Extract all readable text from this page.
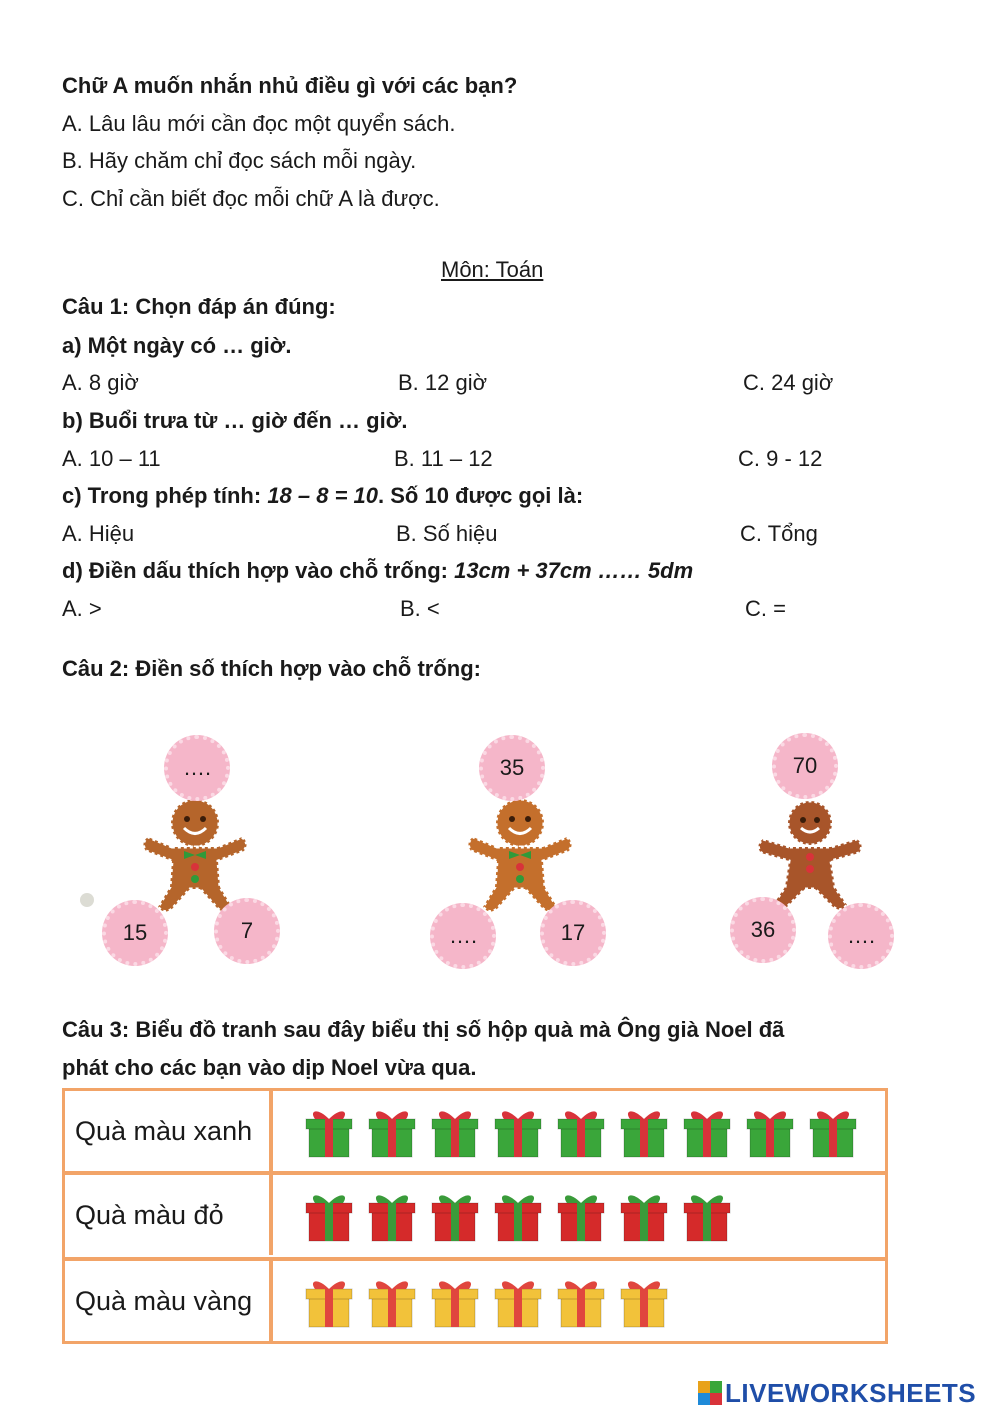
Chữ A muốn nhắn nhủ điều gì với các bạn?
A. Lâu lâu mới cần đọc một quyển sách.
B. Hãy chăm chỉ đọc sách mỗi ngày.
C. Chỉ cần biết đọc mỗi chữ A là được.
Môn: Toán
Câu 1: Chọn đáp án đúng:
a) Một ngày có … giờ.
A. 8 giờ	B. 12 giờ	C. 24 giờ
b) Buổi trưa từ … giờ đến … giờ.
A. 10 – 11	B. 11 – 12	C. 9 - 12
c) Trong phép tính: 18 – 8 = 10. Số 10 được gọi là:
A. Hiệu	B. Số hiệu	C. Tổng
d) Điền dấu thích hợp vào chỗ trống: 13cm + 37cm …… 5dm
A. >	B. <	C. =
Câu 2: Điền số thích hợp vào chỗ trống:
….
15	7
35
….	17
70
36	….
Câu 3: Biểu đồ tranh sau đây biểu thị số hộp quà mà Ông già Noel đã
phát cho các bạn vào dịp Noel vừa qua.
Quà màu xanh
Quà màu đỏ
Quà màu vàng
LIVEWORKSHEETS
